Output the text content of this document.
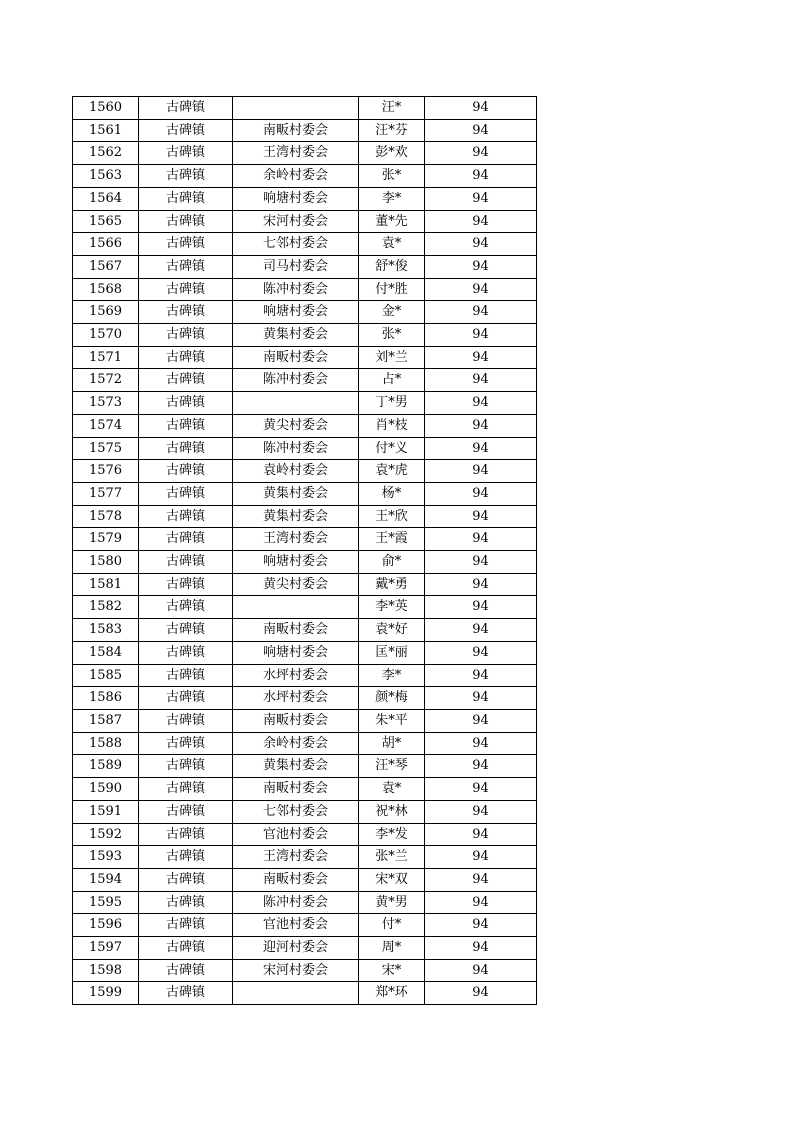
1560	古碑镇		汪*	94
1561	古碑镇	南畈村委会	汪*芬	94
1562	古碑镇	王湾村委会	彭*欢	94
1563	古碑镇	余岭村委会	张*	94
1564	古碑镇	响塘村委会	李*	94
1565	古碑镇	宋河村委会	董*先	94
1566	古碑镇	七邻村委会	袁*	94
1567	古碑镇	司马村委会	舒*俊	94
1568	古碑镇	陈冲村委会	付*胜	94
1569	古碑镇	响塘村委会	金*	94
1570	古碑镇	黄集村委会	张*	94
1571	古碑镇	南畈村委会	刘*兰	94
1572	古碑镇	陈冲村委会	占*	94
1573	古碑镇		丁*男	94
1574	古碑镇	黄尖村委会	肖*枝	94
1575	古碑镇	陈冲村委会	付*义	94
1576	古碑镇	袁岭村委会	袁*虎	94
1577	古碑镇	黄集村委会	杨*	94
1578	古碑镇	黄集村委会	王*欣	94
1579	古碑镇	王湾村委会	王*霞	94
1580	古碑镇	响塘村委会	俞*	94
1581	古碑镇	黄尖村委会	戴*勇	94
1582	古碑镇		李*英	94
1583	古碑镇	南畈村委会	袁*好	94
1584	古碑镇	响塘村委会	匡*丽	94
1585	古碑镇	水坪村委会	李*	94
1586	古碑镇	水坪村委会	颜*梅	94
1587	古碑镇	南畈村委会	朱*平	94
1588	古碑镇	余岭村委会	胡*	94
1589	古碑镇	黄集村委会	汪*琴	94
1590	古碑镇	南畈村委会	袁*	94
1591	古碑镇	七邻村委会	祝*林	94
1592	古碑镇	官池村委会	李*发	94
1593	古碑镇	王湾村委会	张*兰	94
1594	古碑镇	南畈村委会	宋*双	94
1595	古碑镇	陈冲村委会	黄*男	94
1596	古碑镇	官池村委会	付*	94
1597	古碑镇	迎河村委会	周*	94
1598	古碑镇	宋河村委会	宋*	94
1599	古碑镇		郑*环	94
